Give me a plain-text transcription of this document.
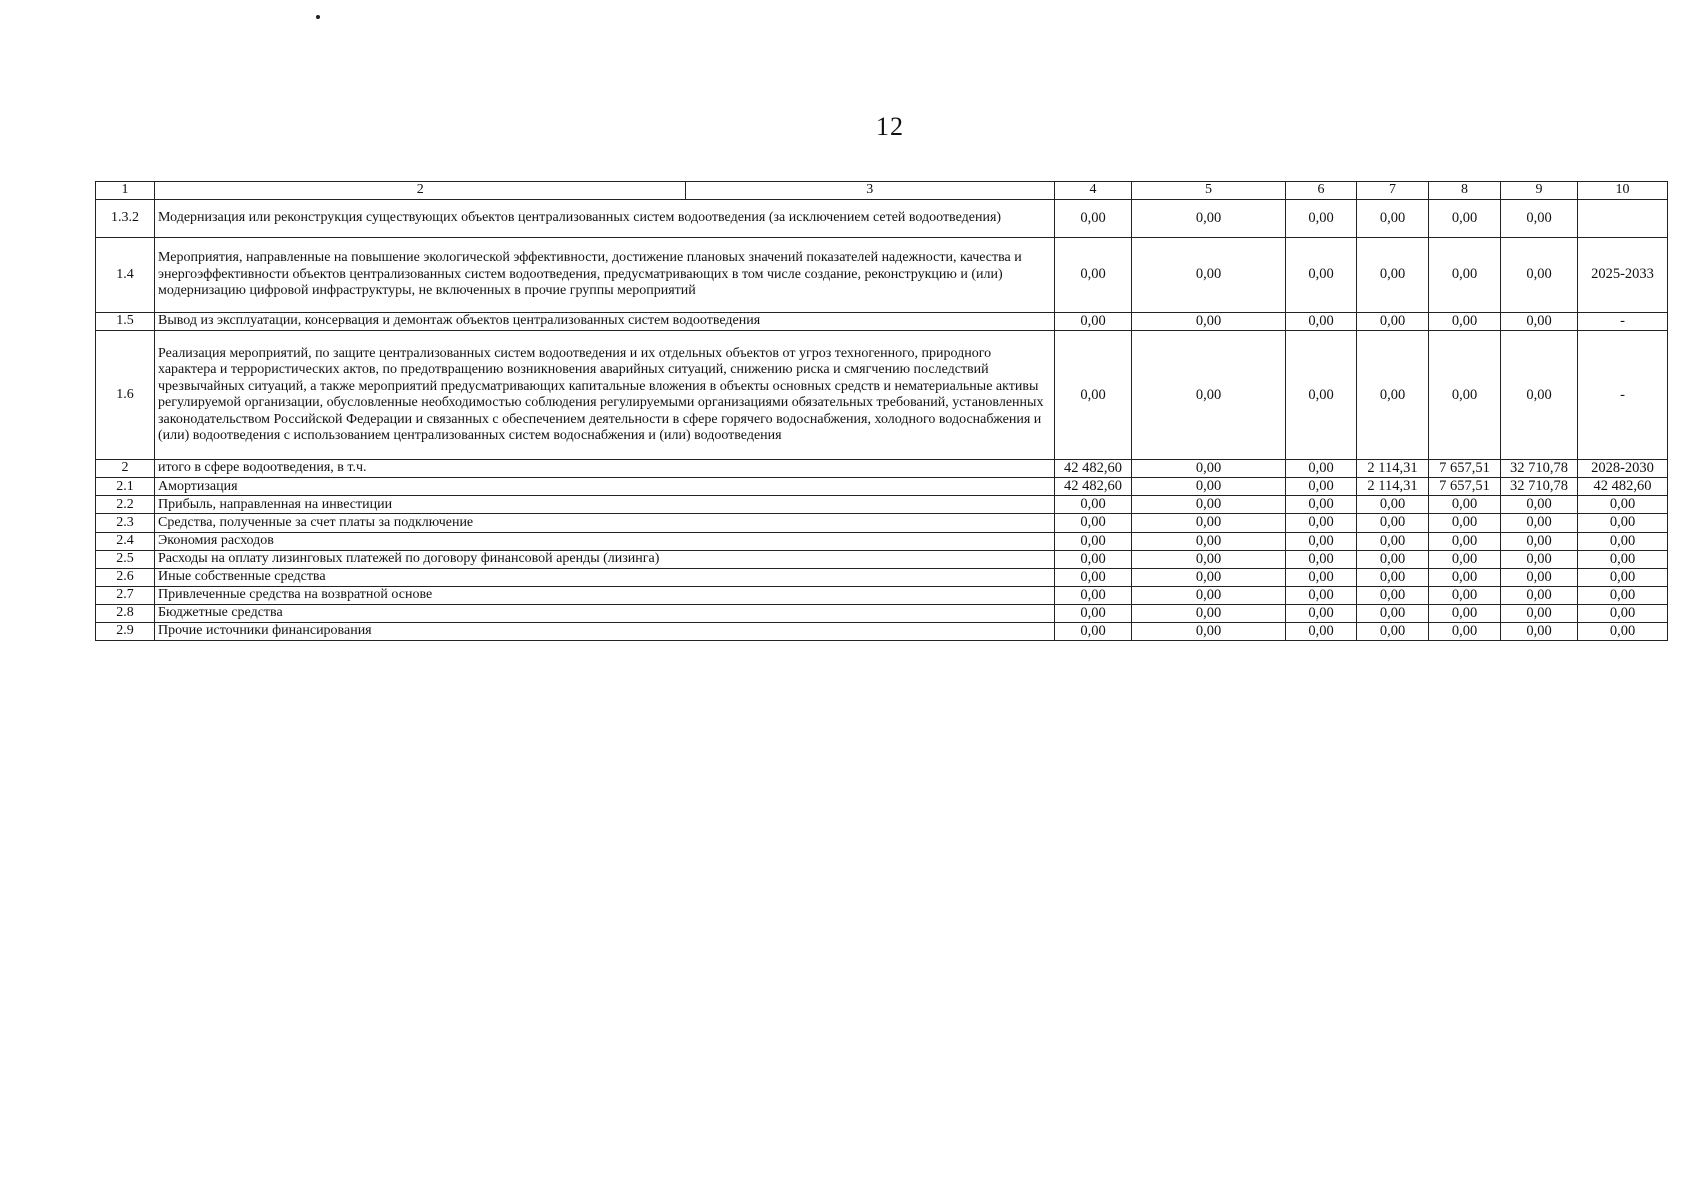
12
1	2 3	4	5	6	7	8	9	10
1.3.2	Модернизация или реконструкция существующих объектов централизованных систем водоотведения (за исключением сетей водоотведения)	0,00	0,00	0,00	0,00	0,00	0,00	
1.4	Мероприятия, направленные на повышение экологической эффективности, достижение плановых значений показателей надежности, качества и энергоэффективности объектов централизованных систем водоотведения, предусматривающих в том числе создание, реконструкцию и (или) модернизацию цифровой инфраструктуры, не включенных в прочие группы мероприятий	0,00	0,00	0,00	0,00	0,00	0,00	2025-2033
1.5	Вывод из эксплуатации, консервация и демонтаж объектов централизованных систем водоотведения	0,00	0,00	0,00	0,00	0,00	0,00	-
1.6	Реализация мероприятий, по защите централизованных систем водоотведения и их отдельных объектов от угроз техногенного, природного характера и террористических актов, по предотвращению возникновения аварийных ситуаций, снижению риска и смягчению последствий чрезвычайных ситуаций, а также мероприятий предусматривающих капитальные вложения в объекты основных средств и нематериальные активы регулируемой организации, обусловленные необходимостью соблюдения регулируемыми организациями обязательных требований, установленных законодательством Российской Федерации и связанных с обеспечением деятельности в сфере горячего водоснабжения, холодного водоснабжения и (или) водоотведения с использованием централизованных систем водоснабжения и (или) водоотведения	0,00	0,00	0,00	0,00	0,00	0,00	-
2	итого в сфере водоотведения, в т.ч.	42 482,60	0,00	0,00	2 114,31	7 657,51	32 710,78	2028-2030
2.1	Амортизация	42 482,60	0,00	0,00	2 114,31	7 657,51	32 710,78	42 482,60
2.2	Прибыль, направленная на инвестиции	0,00	0,00	0,00	0,00	0,00	0,00	0,00
2.3	Средства, полученные за счет платы за подключение	0,00	0,00	0,00	0,00	0,00	0,00	0,00
2.4	Экономия расходов	0,00	0,00	0,00	0,00	0,00	0,00	0,00
2.5	Расходы на оплату лизинговых платежей по договору финансовой аренды (лизинга)	0,00	0,00	0,00	0,00	0,00	0,00	0,00
2.6	Иные собственные средства	0,00	0,00	0,00	0,00	0,00	0,00	0,00
2.7	Привлеченные средства на возвратной основе	0,00	0,00	0,00	0,00	0,00	0,00	0,00
2.8	Бюджетные средства	0,00	0,00	0,00	0,00	0,00	0,00	0,00
2.9	Прочие источники финансирования	0,00	0,00	0,00	0,00	0,00	0,00	0,00
